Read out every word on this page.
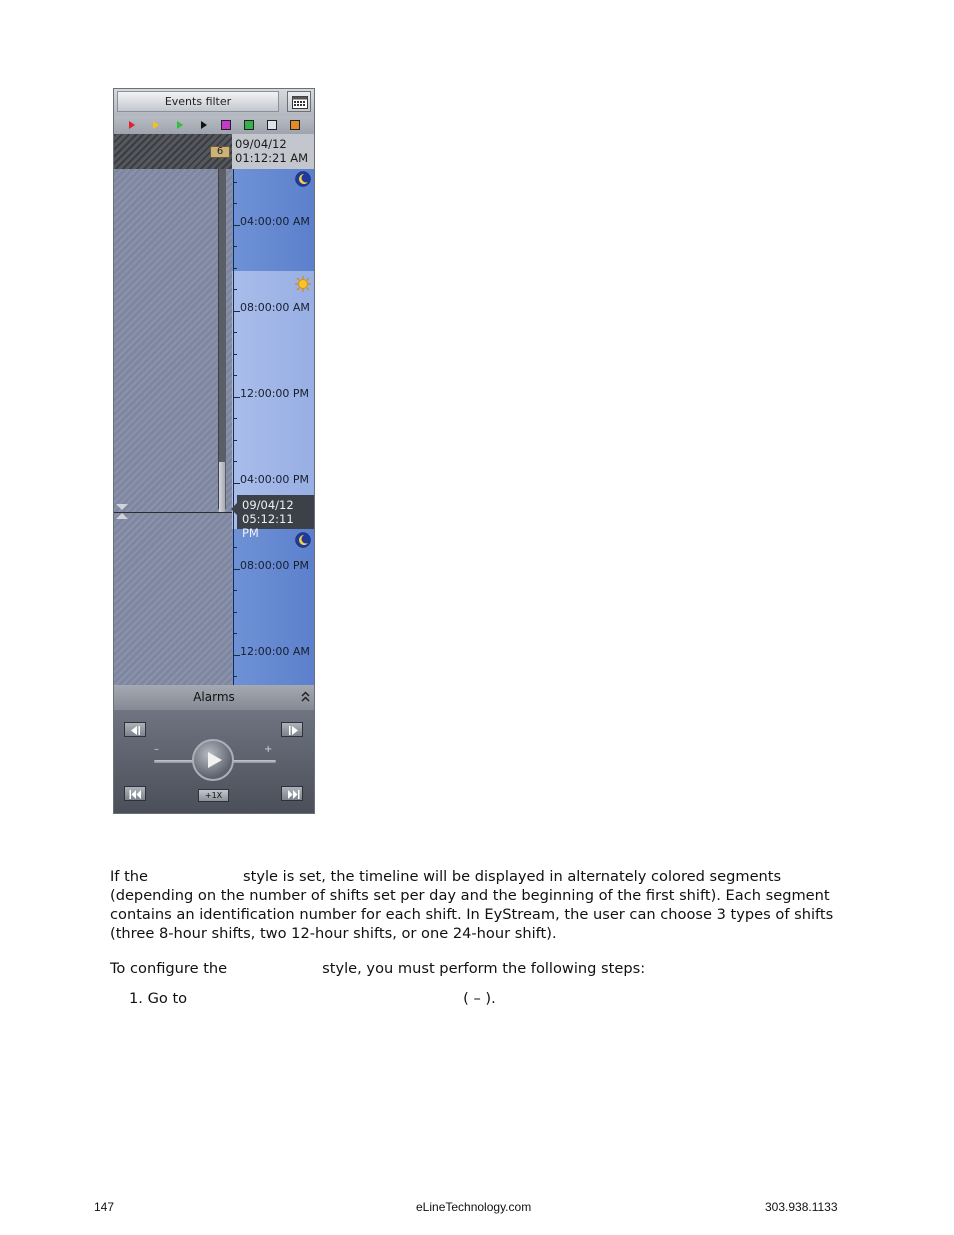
Events filter
6
09/04/12
01:12:21 AM
04:00:00 AM
08:00:00 AM
12:00:00 PM
04:00:00 PM
08:00:00 PM
12:00:00 AM
09/04/12
05:12:11 PM
Alarms
–	+
+1X
If the	style is set, the timeline will be displayed in alternately colored segments (depending on the number of shifts set per day and the beginning of the first shift). Each segment contains an identification number for each shift. In EyStream, the user can choose 3 types of shifts (three 8-hour shifts, two 12-hour shifts, or one 24-hour shift).
To configure the	style, you must perform the following steps:
1. Go to	( – ).
147	eLineTechnology.com	303.938.1133
